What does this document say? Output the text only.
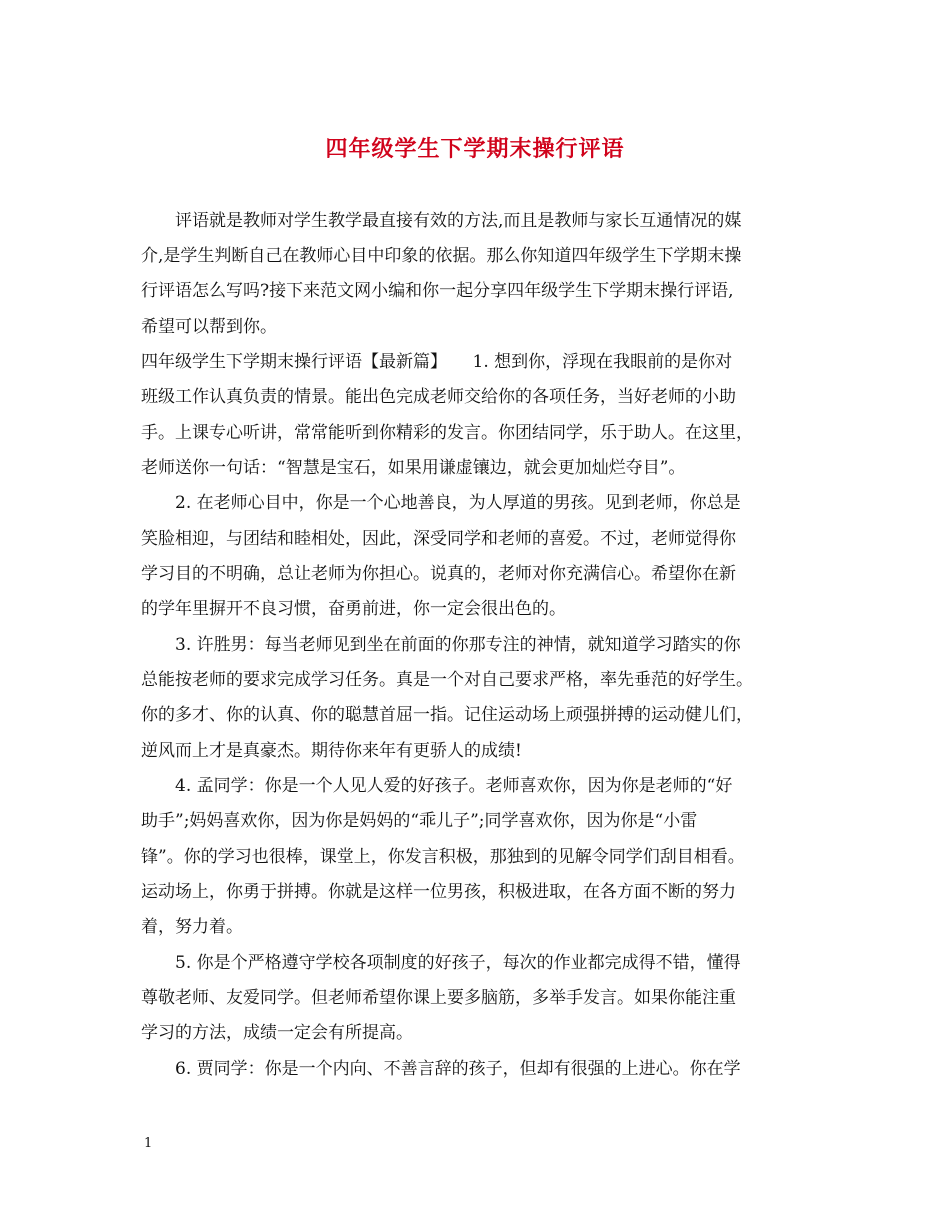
四年级学生下学期末操行评语

评语就是教师对学生教学最直接有效的方法,而且是教师与家长互通情况的媒

介,是学生判断自己在教师心目中印象的依据。那么你知道四年级学生下学期末操

行评语怎么写吗?接下来范文网小编和你一起分享四年级学生下学期末操行评语,

希望可以帮到你。

四年级学生下学期末操行评语【最新篇】　　1. 想到你，浮现在我眼前的是你对

班级工作认真负责的情景。能出色完成老师交给你的各项任务，当好老师的小助

手。上课专心听讲，常常能听到你精彩的发言。你团结同学，乐于助人。在这里，

老师送你一句话：“智慧是宝石，如果用谦虚镶边，就会更加灿烂夺目”。

2. 在老师心目中，你是一个心地善良，为人厚道的男孩。见到老师，你总是

笑脸相迎，与团结和睦相处，因此，深受同学和老师的喜爱。不过，老师觉得你

学习目的不明确，总让老师为你担心。说真的，老师对你充满信心。希望你在新

的学年里摒开不良习惯，奋勇前进，你一定会很出色的。

3. 许胜男：每当老师见到坐在前面的你那专注的神情，就知道学习踏实的你

总能按老师的要求完成学习任务。真是一个对自己要求严格，率先垂范的好学生。

你的多才、你的认真、你的聪慧首屈一指。记住运动场上顽强拼搏的运动健儿们，

逆风而上才是真豪杰。期待你来年有更骄人的成绩!

4. 孟同学：你是一个人见人爱的好孩子。老师喜欢你，因为你是老师的“好

助手”;妈妈喜欢你，因为你是妈妈的“乖儿子”;同学喜欢你，因为你是“小雷

锋”。你的学习也很棒，课堂上，你发言积极，那独到的见解令同学们刮目相看。

运动场上，你勇于拼搏。你就是这样一位男孩，积极进取，在各方面不断的努力

着，努力着。

5. 你是个严格遵守学校各项制度的好孩子，每次的作业都完成得不错，懂得

尊敬老师、友爱同学。但老师希望你课上要多脑筋，多举手发言。如果你能注重

学习的方法，成绩一定会有所提高。

6. 贾同学：你是一个内向、不善言辞的孩子，但却有很强的上进心。你在学

1
